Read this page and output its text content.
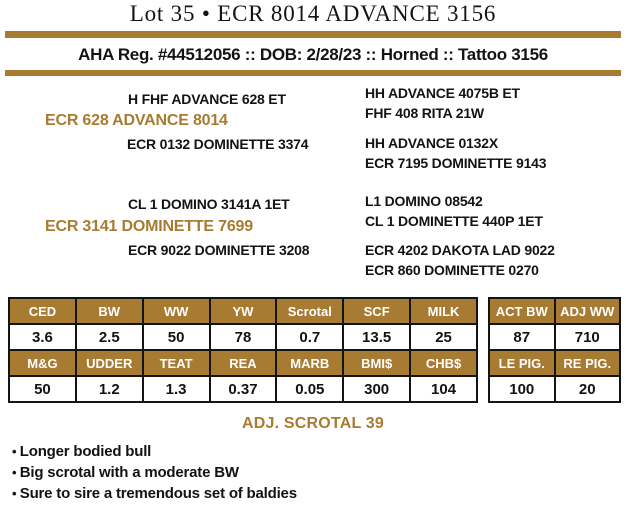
Lot 35 • ECR 8014 ADVANCE 3156
AHA Reg. #44512056 :: DOB: 2/28/23 :: Horned :: Tattoo 3156
H FHF ADVANCE 628 ET
ECR 628 ADVANCE 8014
ECR 0132 DOMINETTE 3374
HH ADVANCE 4075B ET
FHF 408 RITA 21W
HH ADVANCE 0132X
ECR 7195 DOMINETTE 9143
CL 1 DOMINO 3141A 1ET
ECR 3141 DOMINETTE 7699
ECR 9022 DOMINETTE 3208
L1 DOMINO 08542
CL 1 DOMINETTE 440P 1ET
ECR 4202 DAKOTA LAD 9022
ECR 860 DOMINETTE 0270
CED	BW	WW	YW	Scrotal	SCF	MILK
3.6	2.5	50	78	0.7	13.5	25
M&G	UDDER	TEAT	REA	MARB	BMI$	CHB$
50	1.2	1.3	0.37	0.05	300	104
ACT BW	ADJ WW
87	710
LE PIG.	RE PIG.
100	20
ADJ. SCROTAL 39
• Longer bodied bull
• Big scrotal with a moderate BW
• Sure to sire a tremendous set of baldies
